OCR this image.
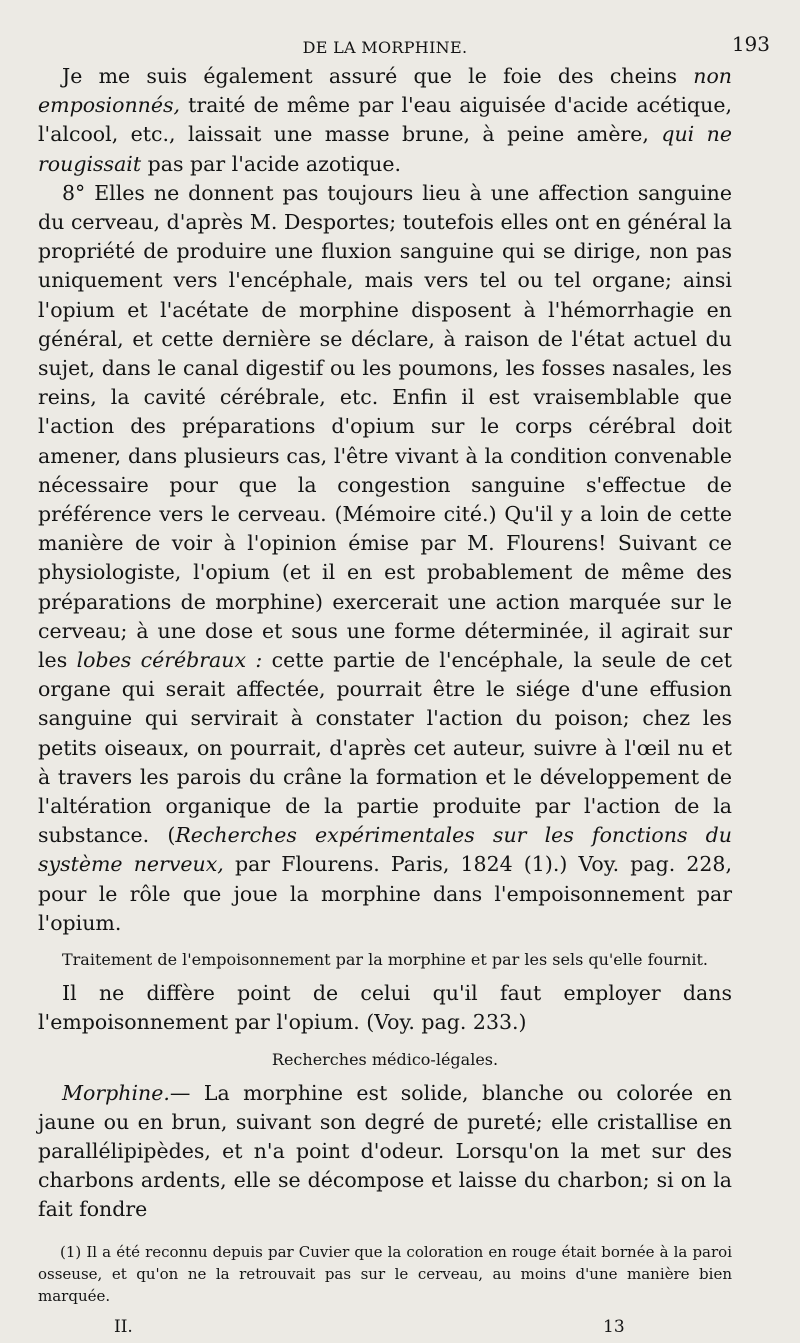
DE LA MORPHINE.	193

Je me suis également assuré que le foie des cheins non emposionnés, traité de même par l'eau aiguisée d'acide acétique, l'alcool, etc., laissait une masse brune, à peine amère, qui ne rougissait pas par l'acide azotique.

8° Elles ne donnent pas toujours lieu à une affection sanguine du cerveau, d'après M. Desportes; toutefois elles ont en général la propriété de produire une fluxion sanguine qui se dirige, non pas uniquement vers l'encéphale, mais vers tel ou tel organe; ainsi l'opium et l'acétate de morphine disposent à l'hémorrhagie en général, et cette dernière se déclare, à raison de l'état actuel du sujet, dans le canal digestif ou les poumons, les fosses nasales, les reins, la cavité cérébrale, etc. Enfin il est vraisemblable que l'action des préparations d'opium sur le corps cérébral doit amener, dans plusieurs cas, l'être vivant à la condition convenable nécessaire pour que la congestion sanguine s'effectue de préférence vers le cerveau. (Mémoire cité.) Qu'il y a loin de cette manière de voir à l'opinion émise par M. Flourens! Suivant ce physiologiste, l'opium (et il en est probablement de même des préparations de morphine) exercerait une action marquée sur le cerveau; à une dose et sous une forme déterminée, il agirait sur les lobes cérébraux : cette partie de l'encéphale, la seule de cet organe qui serait affectée, pourrait être le siége d'une effusion sanguine qui servirait à constater l'action du poison; chez les petits oiseaux, on pourrait, d'après cet auteur, suivre à l'œil nu et à travers les parois du crâne la formation et le développement de l'altération organique de la partie produite par l'action de la substance. (Recherches expérimentales sur les fonctions du système nerveux, par Flourens. Paris, 1824 (1).) Voy. pag. 228, pour le rôle que joue la morphine dans l'empoisonnement par l'opium.

Traitement de l'empoisonnement par la morphine et par les sels qu'elle fournit.

Il ne diffère point de celui qu'il faut employer dans l'empoisonnement par l'opium. (Voy. pag. 233.)

Recherches médico-légales.

Morphine.— La morphine est solide, blanche ou colorée en jaune ou en brun, suivant son degré de pureté; elle cristallise en parallélipipèdes, et n'a point d'odeur. Lorsqu'on la met sur des charbons ardents, elle se décompose et laisse du charbon; si on la fait fondre

(1) Il a été reconnu depuis par Cuvier que la coloration en rouge était bornée à la paroi osseuse, et qu'on ne la retrouvait pas sur le cerveau, au moins d'une manière bien marquée.
II.	13
